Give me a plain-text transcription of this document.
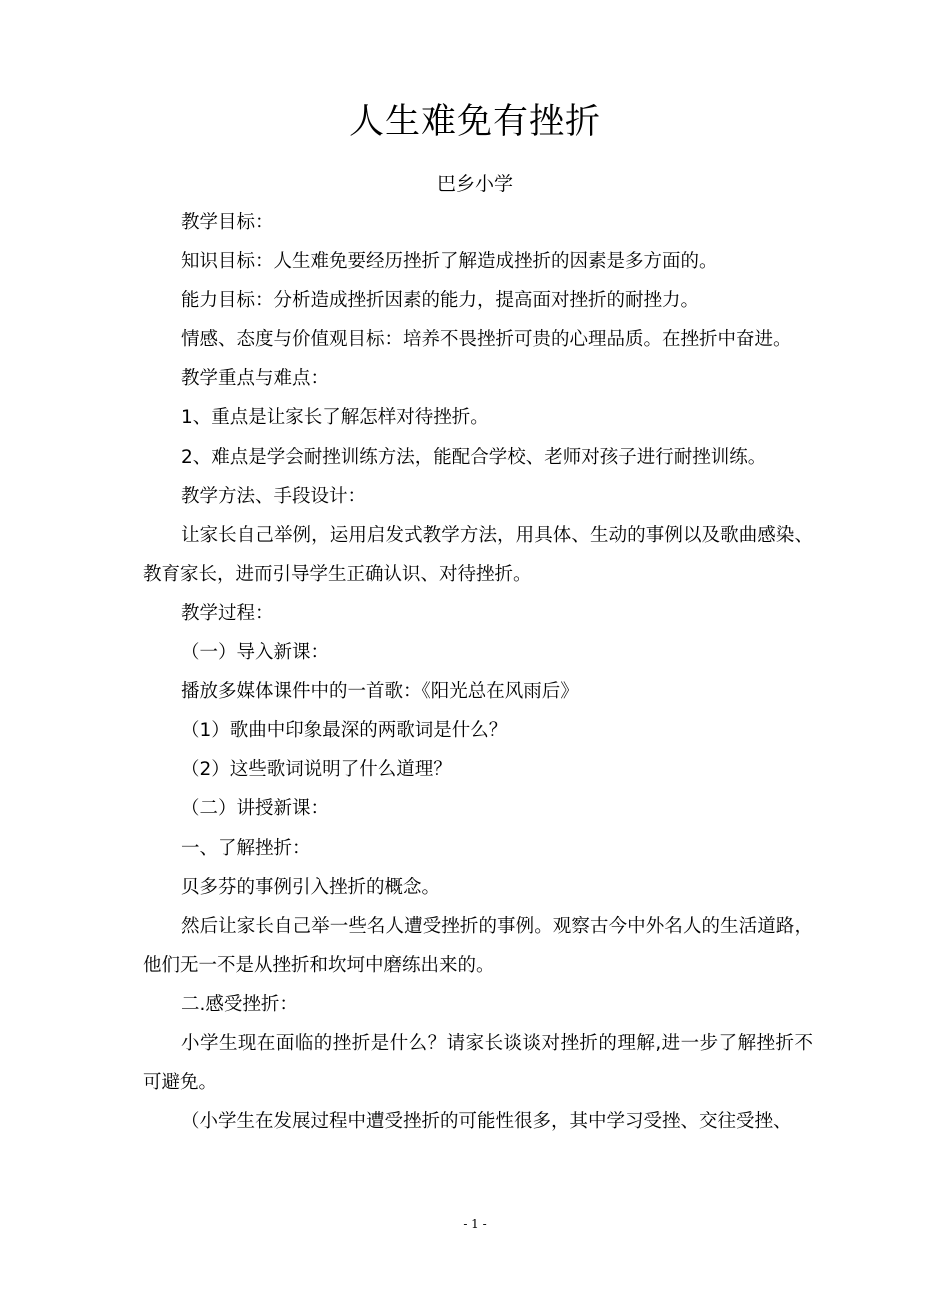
人生难免有挫折
巴乡小学

教学目标：

知识目标：人生难免要经历挫折了解造成挫折的因素是多方面的。

能力目标：分析造成挫折因素的能力，提高面对挫折的耐挫力。

情感、态度与价值观目标：培养不畏挫折可贵的心理品质。在挫折中奋进。

教学重点与难点：

1、重点是让家长了解怎样对待挫折。

2、难点是学会耐挫训练方法，能配合学校、老师对孩子进行耐挫训练。

教学方法、手段设计：

让家长自己举例，运用启发式教学方法，用具体、生动的事例以及歌曲感染、教育家长，进而引导学生正确认识、对待挫折。

教学过程：

（一）导入新课：

播放多媒体课件中的一首歌：《阳光总在风雨后》

（1）歌曲中印象最深的两歌词是什么？

（2）这些歌词说明了什么道理？

（二）讲授新课：

一、了解挫折：

贝多芬的事例引入挫折的概念。

然后让家长自己举一些名人遭受挫折的事例。观察古今中外名人的生活道路，他们无一不是从挫折和坎坷中磨练出来的。

二.感受挫折：

小学生现在面临的挫折是什么？请家长谈谈对挫折的理解,进一步了解挫折不可避免。

（小学生在发展过程中遭受挫折的可能性很多，其中学习受挫、交往受挫、

- 1 -
